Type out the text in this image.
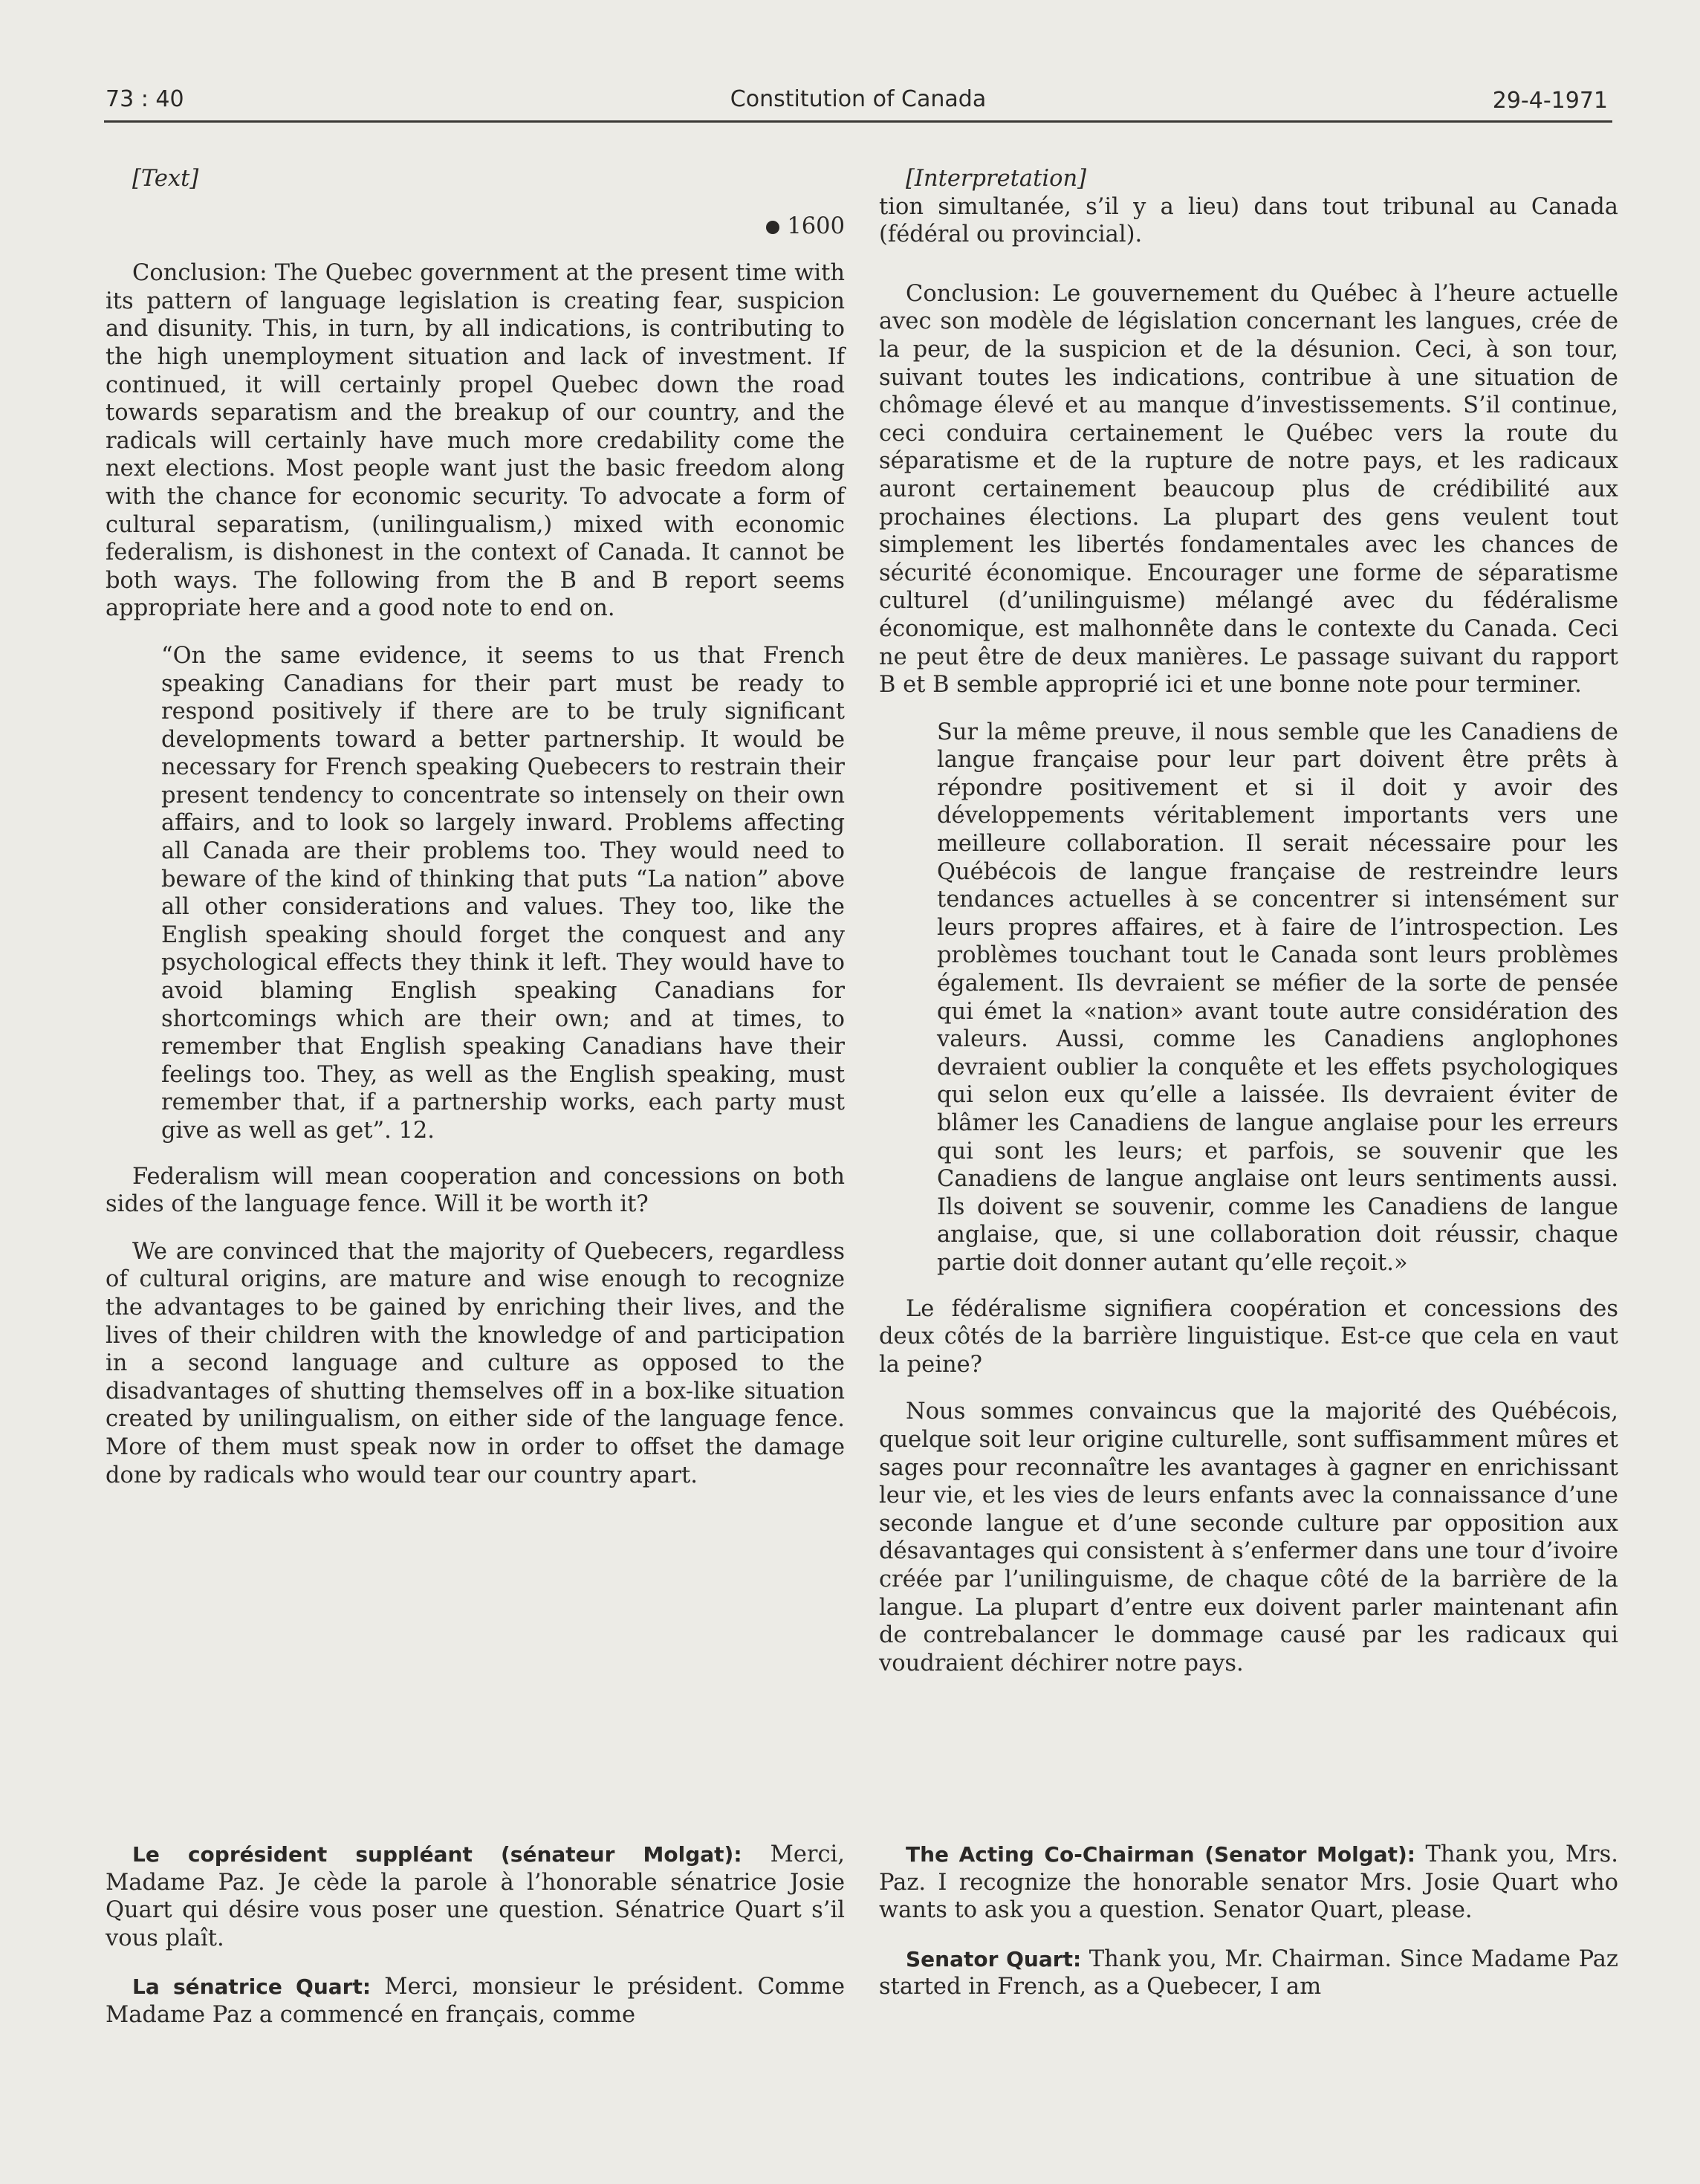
73 : 40	Constitution of Canada	29-4-1971

[Text]

1600

Conclusion: The Quebec government at the present time with its pattern of language legislation is creating fear, suspicion and disunity. This, in turn, by all indications, is contributing to the high unemployment situation and lack of investment. If continued, it will certainly propel Quebec down the road towards separatism and the breakup of our country, and the radicals will certainly have much more credability come the next elections. Most people want just the basic freedom along with the chance for economic security. To advocate a form of cultural separatism, (unilingualism,) mixed with economic federalism, is dishonest in the context of Canada. It cannot be both ways. The following from the B and B report seems appropriate here and a good note to end on.

“On the same evidence, it seems to us that French speaking Canadians for their part must be ready to respond positively if there are to be truly significant developments toward a better partnership. It would be necessary for French speaking Quebecers to restrain their present tendency to concentrate so intensely on their own affairs, and to look so largely inward. Problems affecting all Canada are their problems too. They would need to beware of the kind of thinking that puts “La nation” above all other considerations and values. They too, like the English speaking should forget the conquest and any psychological effects they think it left. They would have to avoid blaming English speaking Canadians for shortcomings which are their own; and at times, to remember that English speaking Canadians have their feelings too. They, as well as the English speaking, must remember that, if a partnership works, each party must give as well as get”. 12.

Federalism will mean cooperation and concessions on both sides of the language fence. Will it be worth it?

We are convinced that the majority of Quebecers, regardless of cultural origins, are mature and wise enough to recognize the advantages to be gained by enriching their lives, and the lives of their children with the knowledge of and participation in a second language and culture as opposed to the disadvantages of shutting themselves off in a box-like situation created by unilingualism, on either side of the language fence. More of them must speak now in order to offset the damage done by radicals who would tear our country apart.

[Interpretation]

tion simultanée, s’il y a lieu) dans tout tribunal au Canada (fédéral ou provincial).

Conclusion: Le gouvernement du Québec à l’heure actuelle avec son modèle de législation concernant les langues, crée de la peur, de la suspicion et de la désunion. Ceci, à son tour, suivant toutes les indications, contribue à une situation de chômage élevé et au manque d’investissements. S’il continue, ceci conduira certainement le Québec vers la route du séparatisme et de la rupture de notre pays, et les radicaux auront certainement beaucoup plus de crédibilité aux prochaines élections. La plupart des gens veulent tout simplement les libertés fondamentales avec les chances de sécurité économique. Encourager une forme de séparatisme culturel (d’unilinguisme) mélangé avec du fédéralisme économique, est malhonnête dans le contexte du Canada. Ceci ne peut être de deux manières. Le passage suivant du rapport B et B semble approprié ici et une bonne note pour terminer.

Sur la même preuve, il nous semble que les Canadiens de langue française pour leur part doivent être prêts à répondre positivement et si il doit y avoir des développements véritablement importants vers une meilleure collaboration. Il serait nécessaire pour les Québécois de langue française de restreindre leurs tendances actuelles à se concentrer si intensément sur leurs propres affaires, et à faire de l’introspection. Les problèmes touchant tout le Canada sont leurs problèmes également. Ils devraient se méfier de la sorte de pensée qui émet la «nation» avant toute autre considération des valeurs. Aussi, comme les Canadiens anglophones devraient oublier la conquête et les effets psychologiques qui selon eux qu’elle a laissée. Ils devraient éviter de blâmer les Canadiens de langue anglaise pour les erreurs qui sont les leurs; et parfois, se souvenir que les Canadiens de langue anglaise ont leurs sentiments aussi. Ils doivent se souvenir, comme les Canadiens de langue anglaise, que, si une collaboration doit réussir, chaque partie doit donner autant qu’elle reçoit.»

Le fédéralisme signifiera coopération et concessions des deux côtés de la barrière linguistique. Est-ce que cela en vaut la peine?

Nous sommes convaincus que la majorité des Québécois, quelque soit leur origine culturelle, sont suffisamment mûres et sages pour reconnaître les avantages à gagner en enrichissant leur vie, et les vies de leurs enfants avec la connaissance d’une seconde langue et d’une seconde culture par opposition aux désavantages qui consistent à s’enfermer dans une tour d’ivoire créée par l’unilinguisme, de chaque côté de la barrière de la langue. La plupart d’entre eux doivent parler maintenant afin de contrebalancer le dommage causé par les radicaux qui voudraient déchirer notre pays.

Le coprésident suppléant (sénateur Molgat): Merci, Madame Paz. Je cède la parole à l’honorable sénatrice Josie Quart qui désire vous poser une question. Sénatrice Quart s’il vous plaît.

La sénatrice Quart: Merci, monsieur le président. Comme Madame Paz a commencé en français, comme

The Acting Co-Chairman (Senator Molgat): Thank you, Mrs. Paz. I recognize the honorable senator Mrs. Josie Quart who wants to ask you a question. Senator Quart, please.

Senator Quart: Thank you, Mr. Chairman. Since Madame Paz started in French, as a Quebecer, I am
